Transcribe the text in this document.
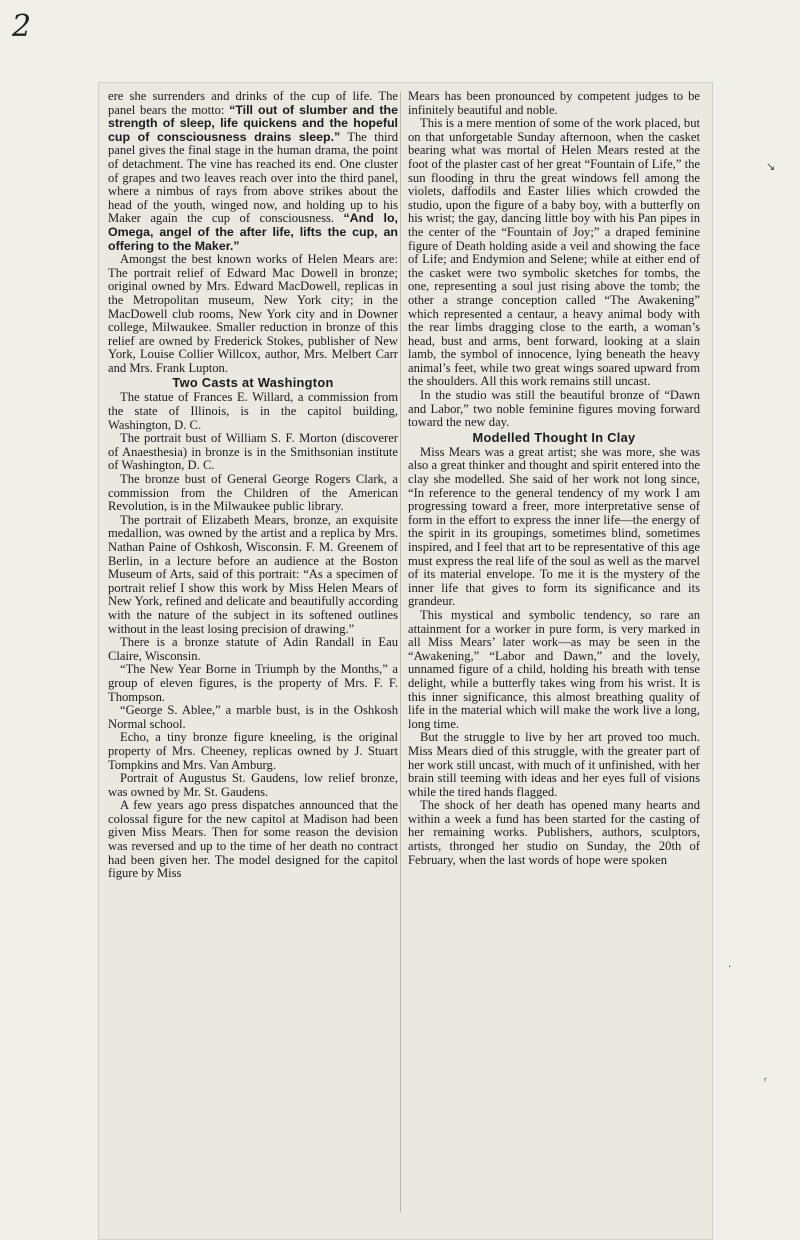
2

ere she surrenders and drinks of the cup of life. The panel bears the motto: “Till out of slumber and the strength of sleep, life quickens and the hopeful cup of consciousness drains sleep.” The third panel gives the final stage in the human drama, the point of detachment. The vine has reached its end. One cluster of grapes and two leaves reach over into the third panel, where a nimbus of rays from above strikes about the head of the youth, winged now, and holding up to his Maker again the cup of consciousness. “And lo, Omega, angel of the after life, lifts the cup, an offering to the Maker.”

Amongst the best known works of Helen Mears are: The portrait relief of Edward Mac Dowell in bronze; original owned by Mrs. Edward MacDowell, replicas in the Metropolitan museum, New York city; in the MacDowell club rooms, New York city and in Downer college, Milwaukee. Smaller reduction in bronze of this relief are owned by Frederick Stokes, publisher of New York, Louise Collier Willcox, author, Mrs. Melbert Carr and Mrs. Frank Lupton.

Two Casts at Washington

The statue of Frances E. Willard, a commission from the state of Illinois, is in the capitol building, Washington, D. C.

The portrait bust of William S. F. Morton (discoverer of Anaesthesia) in bronze is in the Smithsonian institute of Washington, D. C.

The bronze bust of General George Rogers Clark, a commission from the Children of the American Revolution, is in the Milwaukee public library.

The portrait of Elizabeth Mears, bronze, an exquisite medallion, was owned by the artist and a replica by Mrs. Nathan Paine of Oshkosh, Wisconsin. F. M. Greenem of Berlin, in a lecture before an audience at the Boston Museum of Arts, said of this portrait: “As a specimen of portrait relief I show this work by Miss Helen Mears of New York, refined and delicate and beautifully according with the nature of the subject in its softened outlines without in the least losing precision of drawing.”

There is a bronze statute of Adin Randall in Eau Claire, Wisconsin.

“The New Year Borne in Triumph by the Months,” a group of eleven figures, is the property of Mrs. F. F. Thompson.

“George S. Ablee,” a marble bust, is in the Oshkosh Normal school.

Echo, a tiny bronze figure kneeling, is the original property of Mrs. Cheeney, replicas owned by J. Stuart Tompkins and Mrs. Van Amburg.

Portrait of Augustus St. Gaudens, low relief bronze, was owned by Mr. St. Gaudens.

A few years ago press dispatches announced that the colossal figure for the new capitol at Madison had been given Miss Mears. Then for some reason the devision was reversed and up to the time of her death no contract had been given her. The model designed for the capitol figure by Miss

Mears has been pronounced by competent judges to be infinitely beautiful and noble.

This is a mere mention of some of the work placed, but on that unforgetable Sunday afternoon, when the casket bearing what was mortal of Helen Mears rested at the foot of the plaster cast of her great “Fountain of Life,” the sun flooding in thru the great windows fell among the violets, daffodils and Easter lilies which crowded the studio, upon the figure of a baby boy, with a butterfly on his wrist; the gay, dancing little boy with his Pan pipes in the center of the “Fountain of Joy;” a draped feminine figure of Death holding aside a veil and showing the face of Life; and Endymion and Selene; while at either end of the casket were two symbolic sketches for tombs, the one, representing a soul just rising above the tomb; the other a strange conception called “The Awakening” which represented a centaur, a heavy animal body with the rear limbs dragging close to the earth, a woman’s head, bust and arms, bent forward, looking at a slain lamb, the symbol of innocence, lying beneath the heavy animal’s feet, while two great wings soared upward from the shoulders. All this work remains still uncast.

In the studio was still the beautiful bronze of “Dawn and Labor,” two noble feminine figures moving forward toward the new day.

Modelled Thought In Clay

Miss Mears was a great artist; she was more, she was also a great thinker and thought and spirit entered into the clay she modelled. She said of her work not long since, “In reference to the general tendency of my work I am progressing toward a freer, more interpretative sense of form in the effort to express the inner life—the energy of the spirit in its groupings, sometimes blind, sometimes inspired, and I feel that art to be representative of this age must express the real life of the soul as well as the marvel of its material envelope. To me it is the mystery of the inner life that gives to form its significance and its grandeur.

This mystical and symbolic tendency, so rare an attainment for a worker in pure form, is very marked in all Miss Mears’ later work—as may be seen in the “Awakening,” “Labor and Dawn,” and the lovely, unnamed figure of a child, holding his breath with tense delight, while a butterfly takes wing from his wrist. It is this inner significance, this almost breathing quality of life in the material which will make the work live a long, long time.

But the struggle to live by her art proved too much. Miss Mears died of this struggle, with the greater part of her work still uncast, with much of it unfinished, with her brain still teeming with ideas and her eyes full of visions while the tired hands flagged.

The shock of her death has opened many hearts and within a week a fund has been started for the casting of her remaining works. Publishers, authors, sculptors, artists, thronged her studio on Sunday, the 20th of February, when the last words of hope were spoken

↘
ʳ
·
